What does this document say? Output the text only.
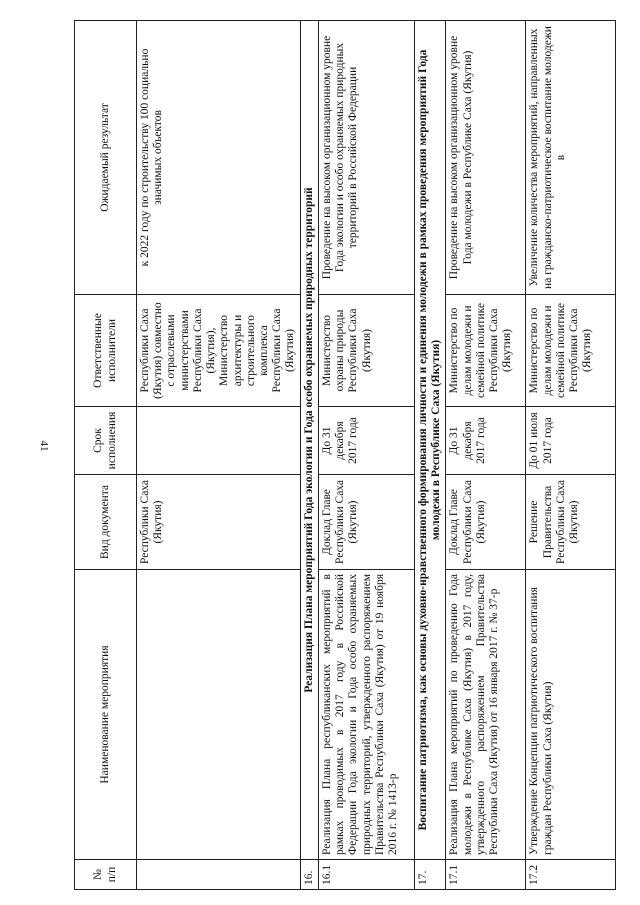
41
№ п/п	Наименование мероприятия	Вид документа	Срок исполнения	Ответственные исполнители	Ожидаемый результат
		Республики Саха (Якутия)		Республики Саха (Якутия) совместно с отраслевыми министерствами Республики Саха (Якутия), Министерство архитектуры и строительного комплекса Республики Саха (Якутия)	к 2022 году по строительству 100 социально значимых объектов
16.	Реализация Плана мероприятий Года экологии и Года особо охраняемых природных территорий				
16.1	Реализация Плана республиканских мероприятий в рамках проводимых в 2017 году в Российской Федерации Года экологии и Года особо охраняемых природных территорий, утвержденного распоряжением Правительства Республики Саха (Якутия) от 19 ноября 2016 г. № 1413-р	Доклад Главе Республики Саха (Якутия)	До 31 декабря 2017 года	Министерство охраны природы Республики Саха (Якутия)	Проведение на высоком организационном уровне Года экологии и особо охраняемых природных территорий в Российской Федерации
17.	Воспитание патриотизма, как основы духовно-нравственного формирования личности и единения молодежи в рамках проведения мероприятий Года молодежи в Республике Саха (Якутия)				
17.1	Реализация Плана мероприятий по проведению Года молодежи в Республике Саха (Якутия) в 2017 году, утвержденного распоряжением Правительства Республики Саха (Якутия) от 16 января 2017 г. № 37-р	Доклад Главе Республики Саха (Якутия)	До 31 декабря 2017 года	Министерство по делам молодежи и семейной политике Республики Саха (Якутия)	Проведение на высоком организационном уровне Года молодежи в Республике Саха (Якутия)
17.2	Утверждение Концепции патриотического воспитания граждан Республики Саха (Якутия)	Решение Правительства Республики Саха (Якутия)	До 01 июля 2017 года	Министерство по делам молодежи и семейной политике Республики Саха (Якутия)	Увеличение количества мероприятий, направленных на гражданско-патриотическое воспитание молодежи в
